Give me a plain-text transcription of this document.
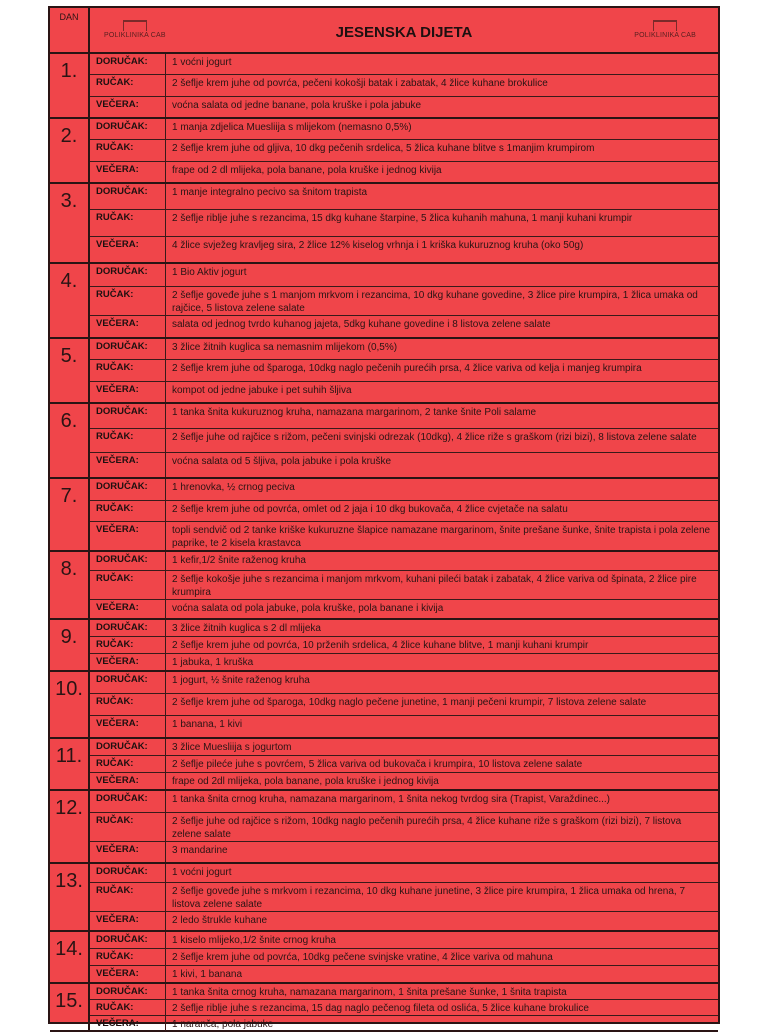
DAN
POLIKLINIKA CAB	JESENSKA DIJETA	POLIKLINIKA CAB
1.	DORUČAK:	1 voćni jogurt
RUČAK:	2 šeflje krem juhe od povrća, pečeni kokošji batak i zabatak, 4 žlice kuhane brokulice
VEČERA:	voćna salata od jedne banane, pola kruške i pola jabuke
2.	DORUČAK:	1 manja zdjelica Muesliija s mlijekom (nemasno 0,5%)
RUČAK:	2 šeflje krem juhe od gljiva, 10 dkg pečenih srdelica, 5 žlica kuhane blitve s 1manjim krumpirom
VEČERA:	frape od 2 dl mlijeka, pola banane, pola kruške i jednog kivija
3.	DORUČAK:	1 manje integralno pecivo sa šnitom trapista
RUČAK:	2 šeflje riblje juhe s rezancima, 15 dkg kuhane štarpine, 5 žlica kuhanih mahuna, 1 manji kuhani krumpir
VEČERA:	4 žlice svježeg kravljeg sira, 2 žlice 12% kiselog vrhnja i 1 kriška kukuruznog kruha (oko 50g)
4.	DORUČAK:	1 Bio Aktiv jogurt
RUČAK:	2 šeflje goveđe juhe s 1 manjom mrkvom i rezancima, 10 dkg kuhane govedine, 3 žlice pire krumpira, 1 žlica umaka od rajčice, 5 listova zelene salate
VEČERA:	salata od jednog tvrdo kuhanog jajeta, 5dkg kuhane govedine i 8 listova zelene salate
5.	DORUČAK:	3 žlice žitnih kuglica sa nemasnim mlijekom (0,5%)
RUČAK:	2 šeflje krem juhe od šparoga, 10dkg naglo pečenih purećih prsa, 4 žlice variva od kelja i manjeg krumpira
VEČERA:	kompot od jedne jabuke i pet suhih šljiva
6.	DORUČAK:	1 tanka šnita kukuruznog kruha, namazana margarinom, 2 tanke šnite Poli salame
RUČAK:	2 šeflje juhe od rajčice s rižom, pečeni svinjski odrezak (10dkg), 4 žlice riže s graškom (rizi bizi), 8 listova zelene salate
VEČERA:	voćna salata od 5 šljiva, pola jabuke i pola kruške
7.	DORUČAK:	1 hrenovka, ½ crnog peciva
RUČAK:	2 šeflje krem juhe od povrća, omlet od 2 jaja i 10 dkg bukovača, 4 žlice cvjetače na salatu
VEČERA:	topli sendvič od 2 tanke kriške kukuruzne šlapice namazane margarinom, šnite prešane šunke, šnite trapista i pola zelene paprike, te 2 kisela krastavca
8.	DORUČAK:	1 kefir,1/2 šnite raženog kruha
RUČAK:	2 šeflje kokošje juhe s rezancima i manjom mrkvom, kuhani pileći batak i zabatak, 4 žlice variva od špinata, 2 žlice pire krumpira
VEČERA:	voćna salata od pola jabuke, pola kruške, pola banane i kivija
9.	DORUČAK:	3 žlice žitnih kuglica s 2 dl mlijeka
RUČAK:	2 šeflje krem juhe od povrća, 10 prženih srdelica, 4 žlice kuhane blitve, 1 manji kuhani krumpir
VEČERA:	1 jabuka, 1 kruška
10.	DORUČAK:	1 jogurt, ½ šnite raženog kruha
RUČAK:	2 šeflje krem juhe od šparoga, 10dkg naglo pečene junetine, 1 manji pečeni krumpir, 7 listova zelene salate
VEČERA:	1 banana, 1 kivi
11.	DORUČAK:	3 žlice Muesliija s jogurtom
RUČAK:	2 šeflje pileće juhe s povrćem, 5 žlica variva od bukovača i krumpira, 10 listova zelene salate
VEČERA:	frape od 2dl mlijeka, pola banane, pola kruške i jednog kivija
12.	DORUČAK:	1 tanka šnita crnog kruha, namazana margarinom, 1 šnita nekog tvrdog sira (Trapist, Varaždinec...)
RUČAK:	2 šeflje juhe od rajčice s rižom, 10dkg naglo pečenih purećih prsa, 4 žlice kuhane riže s graškom (rizi bizi), 7 listova zelene salate
VEČERA:	3 mandarine
13.	DORUČAK:	1 voćni jogurt
RUČAK:	2 šeflje goveđe juhe s mrkvom i rezancima, 10 dkg kuhane junetine, 3 žlice pire krumpira, 1 žlica umaka od hrena, 7 listova zelene salate
VEČERA:	2 ledo štrukle kuhane
14.	DORUČAK:	1 kiselo mlijeko,1/2 šnite crnog kruha
RUČAK:	2 šeflje krem juhe od povrća, 10dkg pečene svinjske vratine, 4 žlice variva od mahuna
VEČERA:	1 kivi, 1 banana
15.	DORUČAK:	1 tanka šnita crnog kruha, namazana margarinom, 1 šnita prešane šunke, 1 šnita trapista
RUČAK:	2 šeflje riblje juhe s rezancima, 15 dag naglo pečenog fileta od oslića, 5 žlice kuhane brokulice
VEČERA:	1 naranča, pola jabuke
